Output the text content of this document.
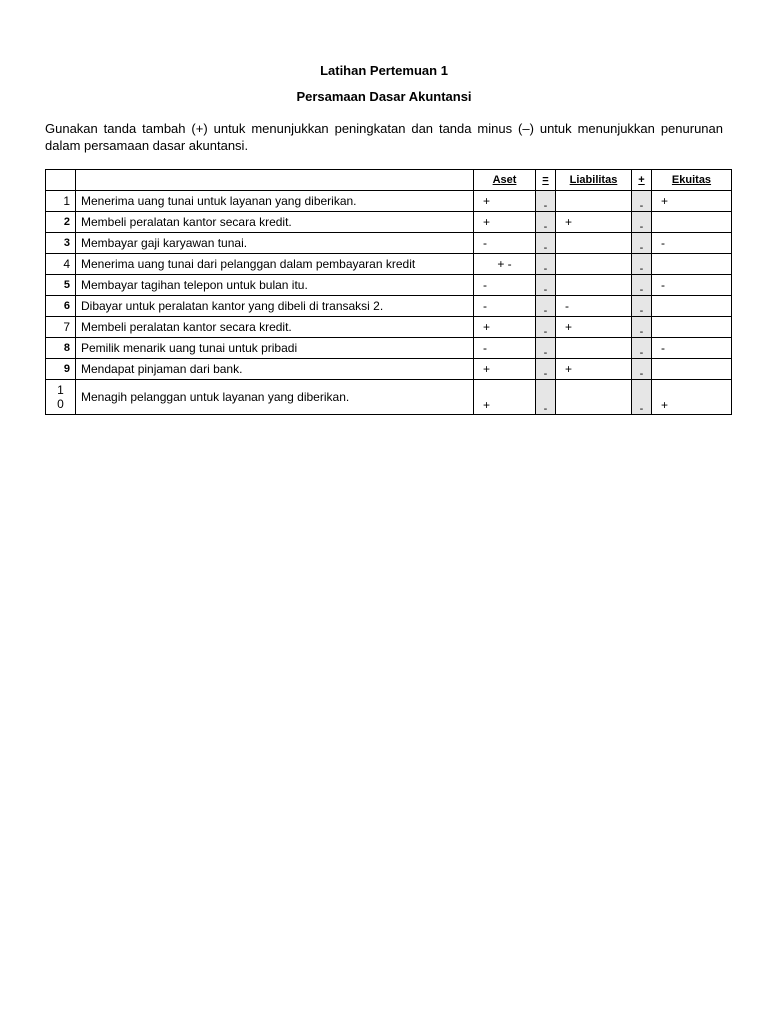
Latihan Pertemuan 1
Persamaan Dasar Akuntansi
Gunakan tanda tambah (+) untuk menunjukkan peningkatan dan tanda minus (–) untuk menunjukkan penurunan dalam persamaan dasar akuntansi.
		Aset	=	Liabilitas	+	Ekuitas
1	Menerima uang tunai untuk layanan yang diberikan.	+	-		-	+
2	Membeli peralatan kantor secara kredit.	+	-	+	-	
3	Membayar gaji karyawan tunai.	-	-		-	-
4	Menerima uang tunai dari pelanggan dalam pembayaran kredit	+ -	-		-	
5	Membayar tagihan telepon untuk bulan itu.	-	-		-	-
6	Dibayar untuk peralatan kantor yang dibeli di transaksi 2.	-	-	-	-	
7	Membeli peralatan kantor secara kredit.	+	-	+	-	
8	Pemilik menarik uang tunai untuk pribadi	-	-		-	-
9	Mendapat pinjaman dari bank.	+	-	+	-	
1
0	Menagih pelanggan untuk layanan yang diberikan.	+	-		-	+
